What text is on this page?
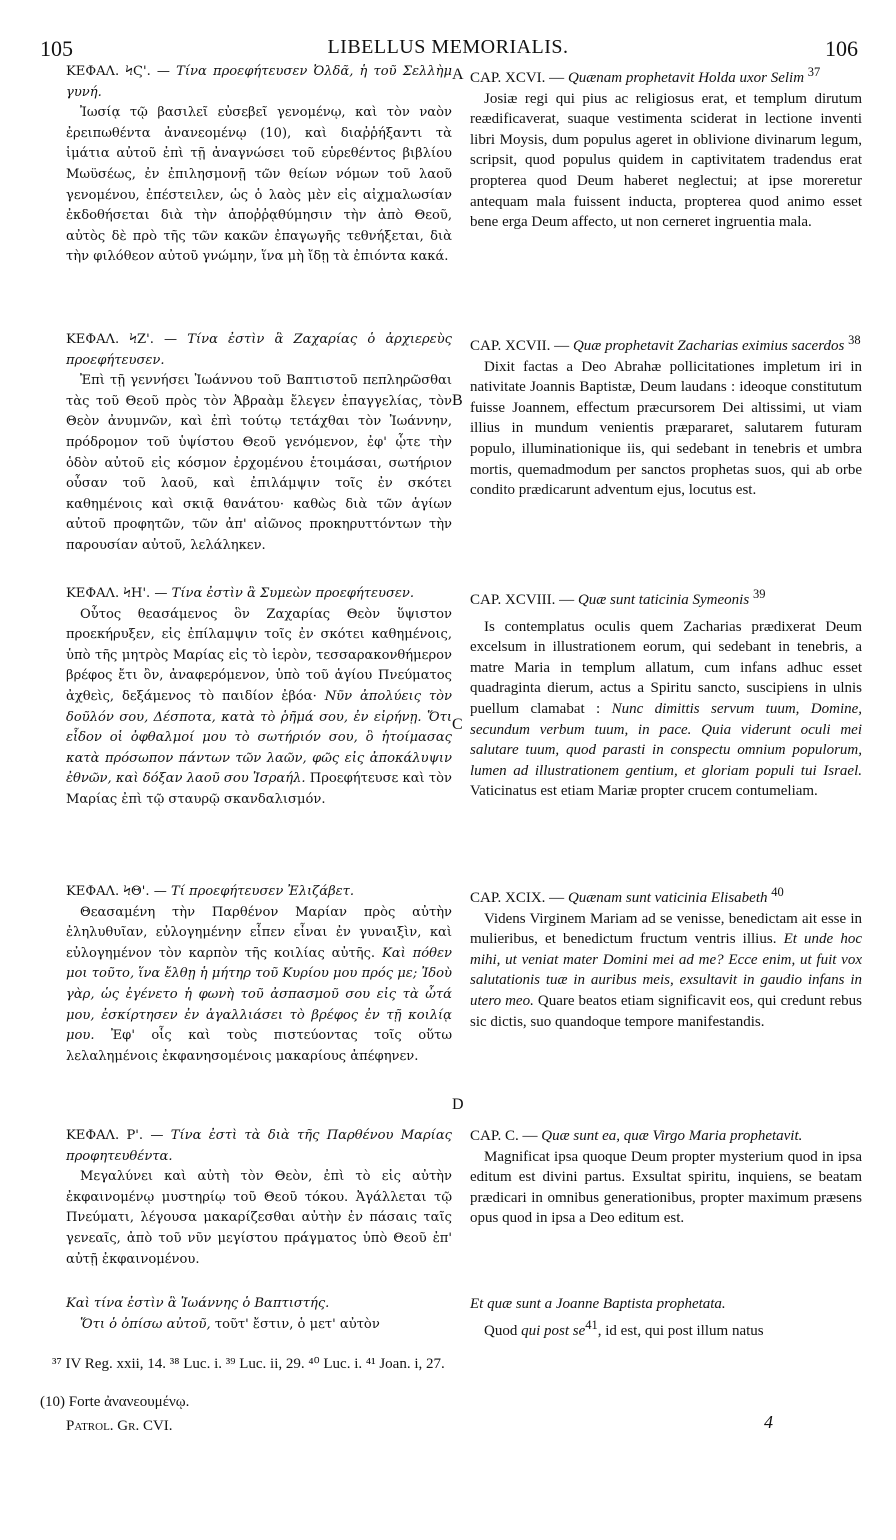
105	LIBELLUS MEMORIALIS.	106
A
B
C
D

ΚΕΦΑΛ. ϞϚ'. — Τίνα προεφήτευσεν Ὀλδᾶ, ἡ τοῦ Σελλὴμ γυνή.

Ἰωσίᾳ τῷ βασιλεῖ εὐσεβεῖ γενομένῳ, καὶ τὸν ναὸν ἐρειπωθέντα ἀνανεομένῳ (10), καὶ διαῤῥήξαντι τὰ ἱμάτια αὐτοῦ ἐπὶ τῇ ἀναγνώσει τοῦ εὑρεθέντος βιβλίου Μωϋσέως, ἐν ἐπιλησμονῇ τῶν θείων νόμων τοῦ λαοῦ γενομένου, ἐπέστειλεν, ὡς ὁ λαὸς μὲν εἰς αἰχμαλωσίαν ἐκδοθήσεται διὰ τὴν ἀποῤῥᾳθύμησιν τὴν ἀπὸ Θεοῦ, αὐτὸς δὲ πρὸ τῆς τῶν κακῶν ἐπαγωγῆς τεθνήξεται, διὰ τὴν φιλόθεον αὐτοῦ γνώμην, ἵνα μὴ ἴδῃ τὰ ἐπιόντα κακά.

ΚΕΦΑΛ. ϞΖ'. — Τίνα ἐστὶν ἃ Ζαχαρίας ὁ ἀρχιερεὺς προεφήτευσεν.

Ἐπὶ τῇ γεννήσει Ἰωάννου τοῦ Βαπτιστοῦ πεπληρῶσθαι τὰς τοῦ Θεοῦ πρὸς τὸν Ἀβραὰμ ἔλεγεν ἐπαγγελίας, τὸν Θεὸν ἀνυμνῶν, καὶ ἐπὶ τούτῳ τετάχθαι τὸν Ἰωάννην, πρόδρομον τοῦ ὑψίστου Θεοῦ γενόμενον, ἐφ' ᾧτε τὴν ὁδὸν αὐτοῦ εἰς κόσμον ἐρχομένου ἑτοιμάσαι, σωτήριον οὖσαν τοῦ λαοῦ, καὶ ἐπιλάμψιν τοῖς ἐν σκότει καθημένοις καὶ σκιᾷ θανάτου· καθὼς διὰ τῶν ἁγίων αὐτοῦ προφητῶν, τῶν ἀπ' αἰῶνος προκηρυττόντων τὴν παρουσίαν αὐτοῦ, λελάληκεν.

ΚΕΦΑΛ. ϞΗ'. — Τίνα ἐστὶν ἃ Συμεὼν προεφήτευσεν.

Οὗτος θεασάμενος ὃν Ζαχαρίας Θεὸν ὕψιστον προεκήρυξεν, εἰς ἐπίλαμψιν τοῖς ἐν σκότει καθημένοις, ὑπὸ τῆς μητρὸς Μαρίας εἰς τὸ ἱερὸν, τεσσαρακονθήμερον βρέφος ἔτι ὂν, ἀναφερόμενον, ὑπὸ τοῦ ἁγίου Πνεύματος ἀχθεὶς, δεξάμενος τὸ παιδίον ἐβόα· Νῦν ἀπολύεις τὸν δοῦλόν σου, Δέσποτα, κατὰ τὸ ῥῆμά σου, ἐν εἰρήνῃ. Ὅτι εἶδον οἱ ὀφθαλμοί μου τὸ σωτήριόν σου, ὃ ἡτοίμασας κατὰ πρόσωπον πάντων τῶν λαῶν, φῶς εἰς ἀποκάλυψιν ἐθνῶν, καὶ δόξαν λαοῦ σου Ἰσραήλ. Προεφήτευσε καὶ τὸν Μαρίας ἐπὶ τῷ σταυρῷ σκανδαλισμόν.

ΚΕΦΑΛ. ϞΘ'. — Τί προεφήτευσεν Ἐλιζάβετ.

Θεασαμένη τὴν Παρθένον Μαρίαν πρὸς αὐτὴν ἐληλυθυῖαν, εὐλογημένην εἶπεν εἶναι ἐν γυναιξὶν, καὶ εὐλογημένον τὸν καρπὸν τῆς κοιλίας αὐτῆς. Καὶ πόθεν μοι τοῦτο, ἵνα ἔλθῃ ἡ μήτηρ τοῦ Κυρίου μου πρός με; Ἰδοὺ γὰρ, ὡς ἐγένετο ἡ φωνὴ τοῦ ἀσπασμοῦ σου εἰς τὰ ὦτά μου, ἐσκίρτησεν ἐν ἀγαλλιάσει τὸ βρέφος ἐν τῇ κοιλίᾳ μου. Ἐφ' οἷς καὶ τοὺς πιστεύοντας τοῖς οὕτω λελαλημένοις ἐκφανησομένοις μακαρίους ἀπέφηνεν.

ΚΕΦΑΛ. Ρ'. — Τίνα ἐστὶ τὰ διὰ τῆς Παρθένου Μαρίας προφητευθέντα.

Μεγαλύνει καὶ αὐτὴ τὸν Θεὸν, ἐπὶ τὸ εἰς αὐτὴν ἐκφαινομένῳ μυστηρίῳ τοῦ Θεοῦ τόκου. Ἀγάλλεται τῷ Πνεύματι, λέγουσα μακαρίζεσθαι αὐτὴν ἐν πάσαις ταῖς γενεαῖς, ἀπὸ τοῦ νῦν μεγίστου πράγματος ὑπὸ Θεοῦ ἐπ' αὐτῇ ἐκφαινομένου.

Καὶ τίνα ἐστὶν ἃ Ἰωάννης ὁ Βαπτιστής.

Ὅτι ὁ ὀπίσω αὐτοῦ, τοῦτ' ἔστιν, ὁ μετ' αὐτὸν

CAP. XCVI. — Quænam prophetavit Holda uxor Selim $^{37}$

Josiæ regi qui pius ac religiosus erat, et templum dirutum reædificaverat, suaque vestimenta sciderat in lectione inventi libri Moysis, dum populus ageret in oblivione divinarum legum, scripsit, quod populus quidem in captivitatem tradendus erat propterea quod Deum haberet neglectui; at ipse moreretur antequam mala fuissent inducta, propterea quod animo esset bene erga Deum affecto, ut non cerneret ingruentia mala.

CAP. XCVII. — Quæ prophetavit Zacharias eximius sacerdos $^{38}$

Dixit factas a Deo Abrahæ pollicitationes impletum iri in nativitate Joannis Baptistæ, Deum laudans : ideoque constitutum fuisse Joannem, effectum præcursorem Dei altissimi, ut viam illius in mundum venientis præpararet, salutarem futuram populo, illuminationique iis, qui sedebant in tenebris et umbra mortis, quemadmodum per sanctos prophetas suos, qui ab orbe condito prædicarunt adventum ejus, locutus est.

CAP. XCVIII. — Quæ sunt taticinia Symeonis $^{39}$

Is contemplatus oculis quem Zacharias prædixerat Deum excelsum in illustrationem eorum, qui sedebant in tenebris, a matre Maria in templum allatum, cum infans adhuc esset quadraginta dierum, actus a Spiritu sancto, suscipiens in ulnis puellum clamabat : Nunc dimittis servum tuum, Domine, secundum verbum tuum, in pace. Quia viderunt oculi mei salutare tuum, quod parasti in conspectu omnium populorum, lumen ad illustrationem gentium, et gloriam populi tui Israel. Vaticinatus est etiam Mariæ propter crucem contumeliam.

CAP. XCIX. — Quænam sunt vaticinia Elisabeth $^{40}$

Videns Virginem Mariam ad se venisse, benedictam ait esse in mulieribus, et benedictum fructum ventris illius. Et unde hoc mihi, ut veniat mater Domini mei ad me? Ecce enim, ut fuit vox salutationis tuæ in auribus meis, exsultavit in gaudio infans in utero meo. Quare beatos etiam significavit eos, qui credunt rebus sic dictis, suo quandoque tempore manifestandis.

CAP. C. — Quæ sunt ea, quæ Virgo Maria prophetavit.

Magnificat ipsa quoque Deum propter mysterium quod in ipsa editum est divini partus. Exsultat spiritu, inquiens, se beatam prædicari in omnibus generationibus, propter maximum præsens opus quod in ipsa a Deo editum est.

Et quæ sunt a Joanne Baptista prophetata.

Quod qui post $se^{41}$, id est, qui post illum natus

³⁷ IV Reg. xxii, 14. ³⁸ Luc. i. ³⁹ Luc. ii, 29. ⁴⁰ Luc. i. ⁴¹ Joan. i, 27.
(10) Forte ἀνανεουμένῳ.
Patrol. Gr. CVI.	4
